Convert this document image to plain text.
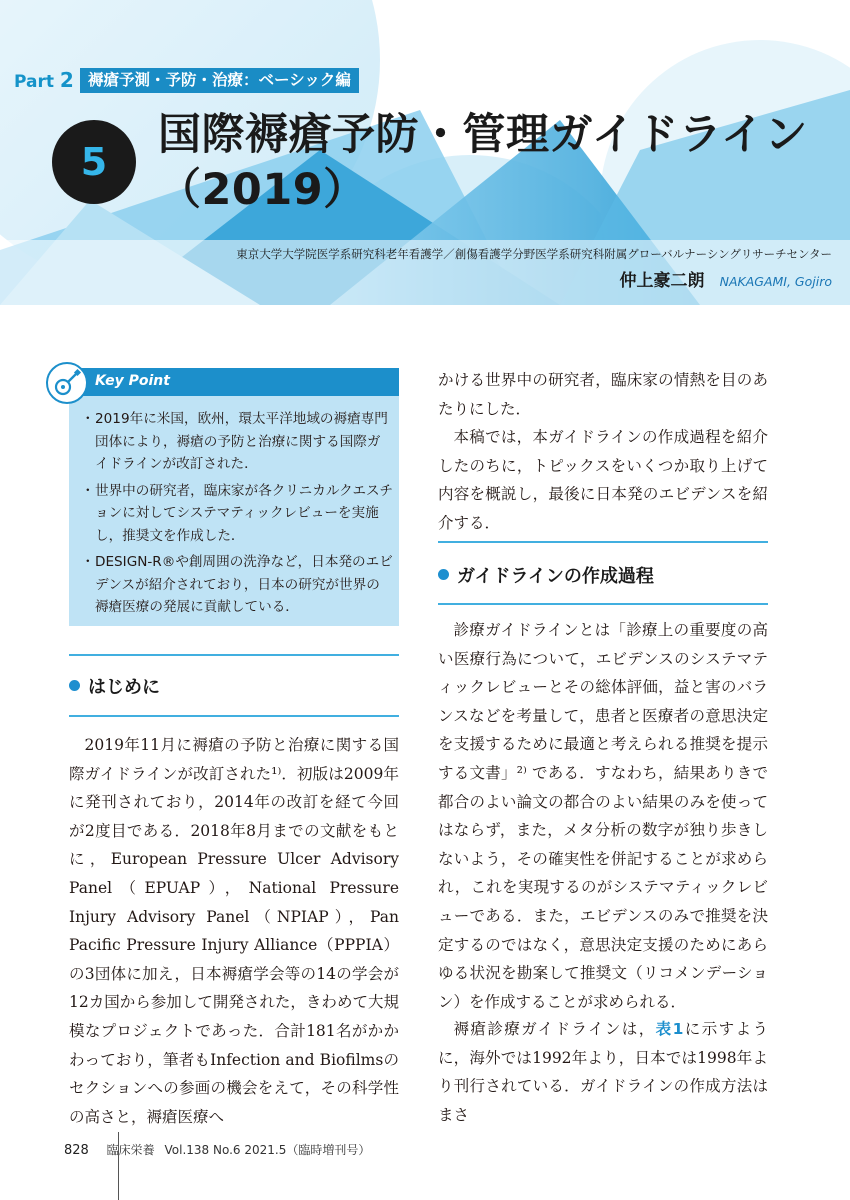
Part 2 褥瘡予測・予防・治療：ベーシック編
5
国際褥瘡予防・管理ガイドライン
（2019）
東京大学大学院医学系研究科老年看護学／創傷看護学分野医学系研究科附属グローバルナーシングリサーチセンター
仲上豪二朗 NAKAGAMI, Gojiro
Key Point
・ 2019年に米国，欧州，環太平洋地域の褥瘡専門団体により，褥瘡の予防と治療に関する国際ガイドラインが改訂された．
・ 世界中の研究者，臨床家が各クリニカルクエスチョンに対してシステマティックレビューを実施し，推奨文を作成した．
・ DESIGN-R®や創周囲の洗浄など，日本発のエビデンスが紹介されており，日本の研究が世界の褥瘡医療の発展に貢献している．
はじめに

2019年11月に褥瘡の予防と治療に関する国際ガイドラインが改訂された¹⁾．初版は2009年に発刊されており，2014年の改訂を経て今回が2度目である．2018年8月までの文献をもとに，European Pressure Ulcer Advisory Panel（EPUAP），National Pressure Injury Advisory Panel（NPIAP），Pan Pacific Pressure Injury Alliance（PPPIA）の3団体に加え，日本褥瘡学会等の14の学会が12カ国から参加して開発された，きわめて大規模なプロジェクトであった．合計181名がかかわっており，筆者もInfection and Biofilmsのセクションへの参画の機会をえて，その科学性の高さと，褥瘡医療へ

かける世界中の研究者，臨床家の情熱を目のあたりにした．

本稿では，本ガイドラインの作成過程を紹介したのちに，トピックスをいくつか取り上げて内容を概説し，最後に日本発のエビデンスを紹介する．

ガイドラインの作成過程

診療ガイドラインとは「診療上の重要度の高い医療行為について，エビデンスのシステマティックレビューとその総体評価，益と害のバランスなどを考量して，患者と医療者の意思決定を支援するために最適と考えられる推奨を提示する文書」²⁾ である．すなわち，結果ありきで都合のよい論文の都合のよい結果のみを使ってはならず，また，メタ分析の数字が独り歩きしないよう，その確実性を併記することが求められ，これを実現するのがシステマティックレビューである．また，エビデンスのみで推奨を決定するのではなく，意思決定支援のためにあらゆる状況を勘案して推奨文（リコメンデーション）を作成することが求められる．

褥瘡診療ガイドラインは，表1に示すように，海外では1992年より，日本では1998年より刊行されている．ガイドラインの作成方法はまさ

828 臨床栄養 Vol.138 No.6 2021.5（臨時増刊号）
